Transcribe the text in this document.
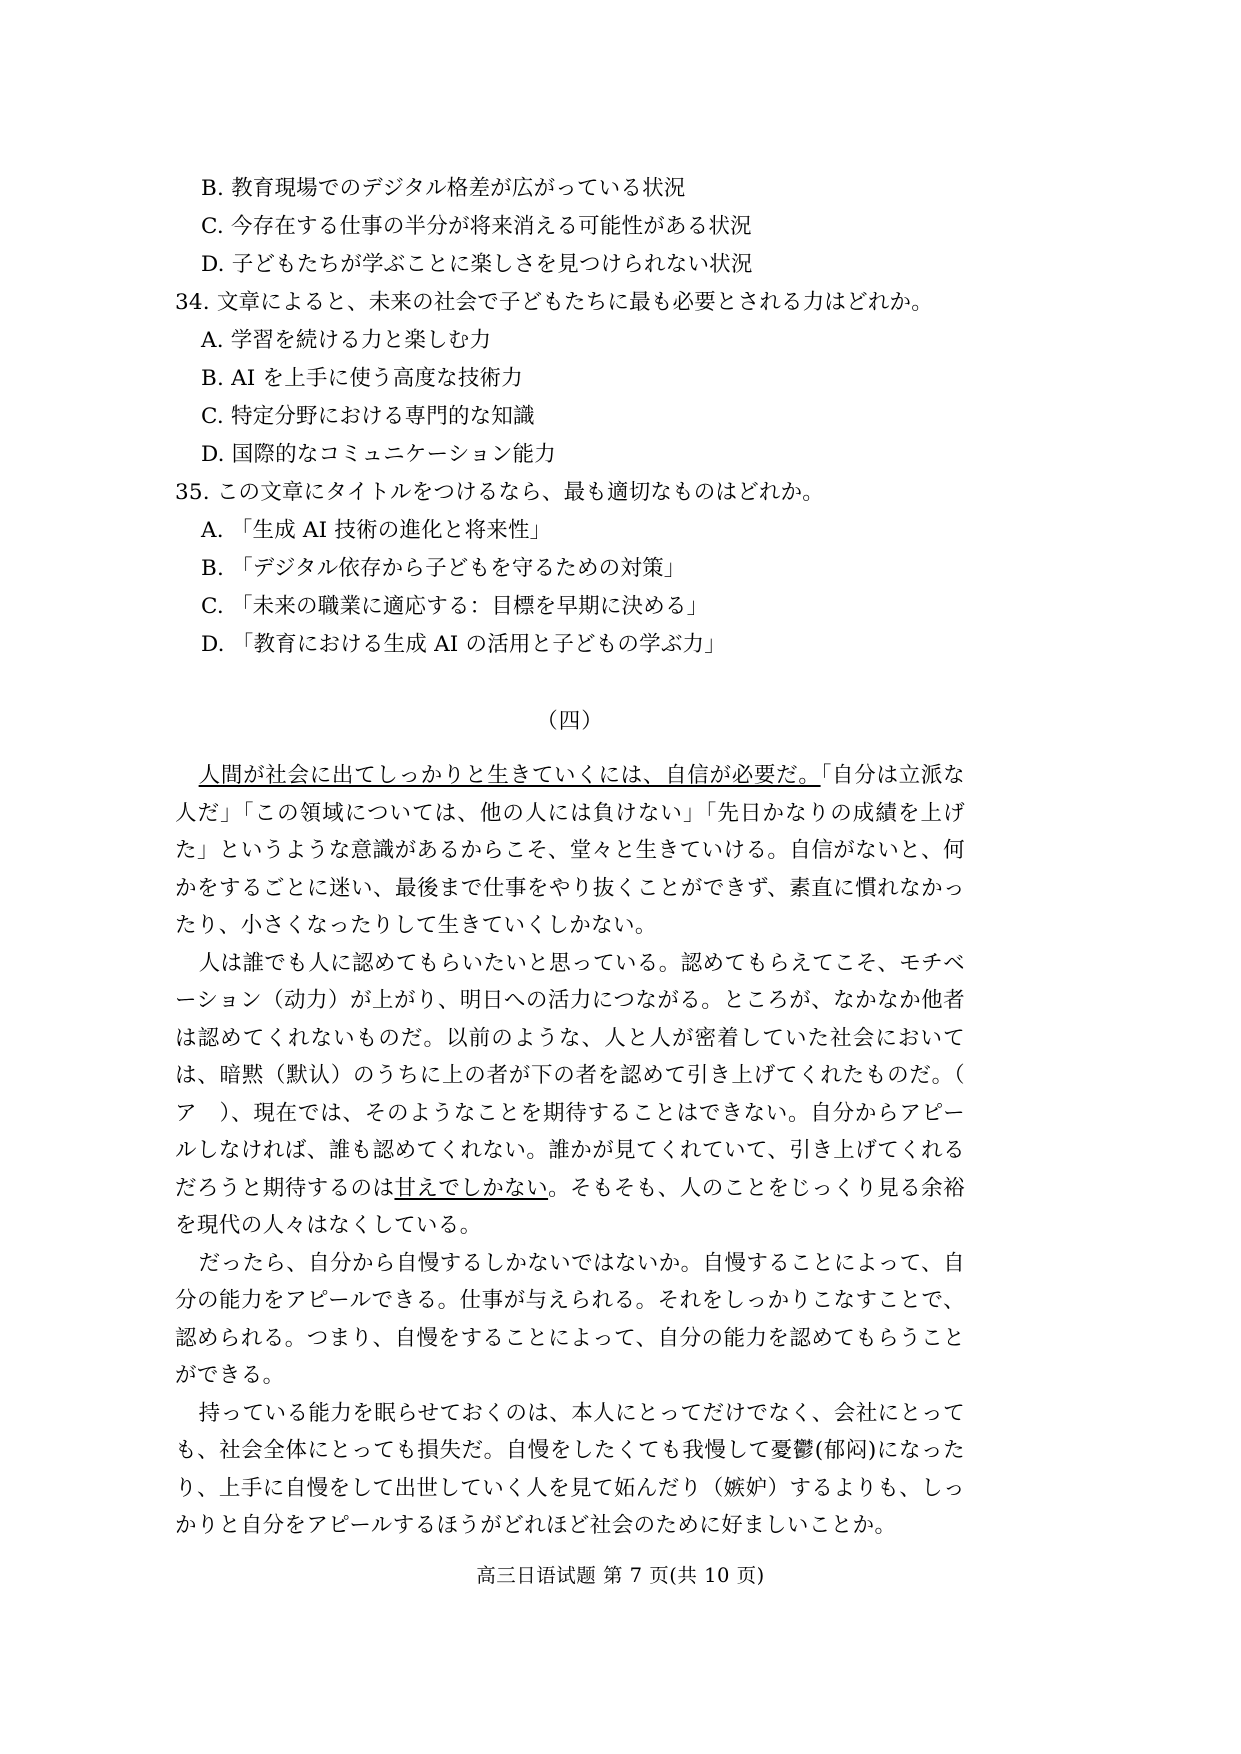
B. 教育現場でのデジタル格差が広がっている状況
C. 今存在する仕事の半分が将来消える可能性がある状況
D. 子どもたちが学ぶことに楽しさを見つけられない状況
34. 文章によると、未来の社会で子どもたちに最も必要とされる力はどれか。
A. 学習を続ける力と楽しむ力
B. AI を上手に使う高度な技術力
C. 特定分野における専門的な知識
D. 国際的なコミュニケーション能力
35. この文章にタイトルをつけるなら、最も適切なものはどれか。
A. 「生成 AI 技術の進化と将来性」
B. 「デジタル依存から子どもを守るための対策」
C. 「未来の職業に適応する：目標を早期に決める」
D. 「教育における生成 AI の活用と子どもの学ぶ力」
（四）

人間が社会に出てしっかりと生きていくには、自信が必要だ。「自分は立派な人だ」「この領域については、他の人には負けない」「先日かなりの成績を上げた」というような意識があるからこそ、堂々と生きていける。自信がないと、何かをするごとに迷い、最後まで仕事をやり抜くことができず、素直に慣れなかったり、小さくなったりして生きていくしかない。

人は誰でも人に認めてもらいたいと思っている。認めてもらえてこそ、モチベーション（动力）が上がり、明日への活力につながる。ところが、なかなか他者は認めてくれないものだ。以前のような、人と人が密着していた社会においては、暗黙（默认）のうちに上の者が下の者を認めて引き上げてくれたものだ。（　ア　）、現在では、そのようなことを期待することはできない。自分からアピールしなければ、誰も認めてくれない。誰かが見てくれていて、引き上げてくれるだろうと期待するのは甘えでしかない。そもそも、人のことをじっくり見る余裕を現代の人々はなくしている。

だったら、自分から自慢するしかないではないか。自慢することによって、自分の能力をアピールできる。仕事が与えられる。それをしっかりこなすことで、認められる。つまり、自慢をすることによって、自分の能力を認めてもらうことができる。

持っている能力を眠らせておくのは、本人にとってだけでなく、会社にとっても、社会全体にとっても損失だ。自慢をしたくても我慢して憂鬱(郁闷)になったり、上手に自慢をして出世していく人を見て妬んだり（嫉妒）するよりも、しっかりと自分をアピールするほうがどれほど社会のために好ましいことか。

高三日语试题 第 7 页(共 10 页)
